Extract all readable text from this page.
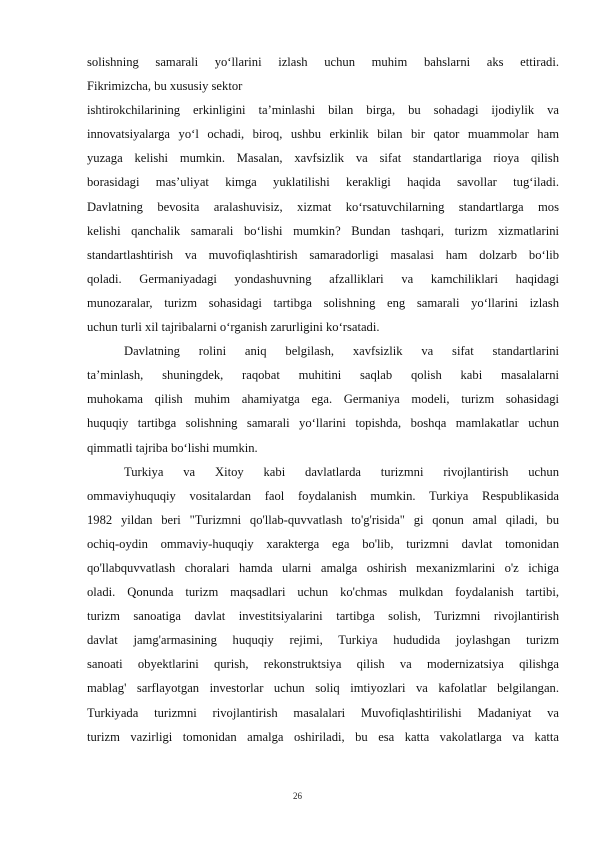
solishning samarali yo‘llarini izlash uchun muhim bahslarni aks ettiradi.
Fikrimizcha, bu xususiy sektor
ishtirokchilarining erkinligini ta’minlashi bilan birga, bu sohadagi ijodiylik va
innovatsiyalarga yo‘l ochadi, biroq, ushbu erkinlik bilan bir qator muammolar ham
yuzaga kelishi mumkin. Masalan, xavfsizlik va sifat standartlariga rioya qilish
borasidagi mas’uliyat kimga yuklatilishi kerakligi haqida savollar tug‘iladi.
Davlatning bevosita aralashuvisiz, xizmat ko‘rsatuvchilarning standartlarga mos
kelishi qanchalik samarali bo‘lishi mumkin? Bundan tashqari, turizm xizmatlarini
standartlashtirish va muvofiqlashtirish samaradorligi masalasi ham dolzarb bo‘lib
qoladi. Germaniyadagi yondashuvning afzalliklari va kamchiliklari haqidagi
munozaralar, turizm sohasidagi tartibga solishning eng samarali yo‘llarini izlash
uchun turli xil tajribalarni o‘rganish zarurligini ko‘rsatadi.
Davlatning rolini aniq belgilash, xavfsizlik va sifat standartlarini
ta’minlash, shuningdek, raqobat muhitini saqlab qolish kabi masalalarni
muhokama qilish muhim ahamiyatga ega. Germaniya modeli, turizm sohasidagi
huquqiy tartibga solishning samarali yo‘llarini topishda, boshqa mamlakatlar uchun
qimmatli tajriba bo‘lishi mumkin.
Turkiya va Xitoy kabi davlatlarda turizmni rivojlantirish uchun
ommaviyhuquqiy vositalardan faol foydalanish mumkin. Turkiya Respublikasida
1982 yildan beri "Turizmni qo'llab-quvvatlash to'g'risida" gi qonun amal qiladi, bu
ochiq-oydin ommaviy-huquqiy xarakterga ega bo'lib, turizmni davlat tomonidan
qo'llabquvvatlash choralari hamda ularni amalga oshirish mexanizmlarini o'z ichiga
oladi. Qonunda turizm maqsadlari uchun ko'chmas mulkdan foydalanish tartibi,
turizm sanoatiga davlat investitsiyalarini tartibga solish, Turizmni rivojlantirish
davlat jamg'armasining huquqiy rejimi, Turkiya hududida joylashgan turizm
sanoati obyektlarini qurish, rekonstruktsiya qilish va modernizatsiya qilishga
mablag' sarflayotgan investorlar uchun soliq imtiyozlari va kafolatlar belgilangan.
Turkiyada turizmni rivojlantirish masalalari Muvofiqlashtirilishi Madaniyat va
turizm vazirligi tomonidan amalga oshiriladi, bu esa katta vakolatlarga va katta
26
